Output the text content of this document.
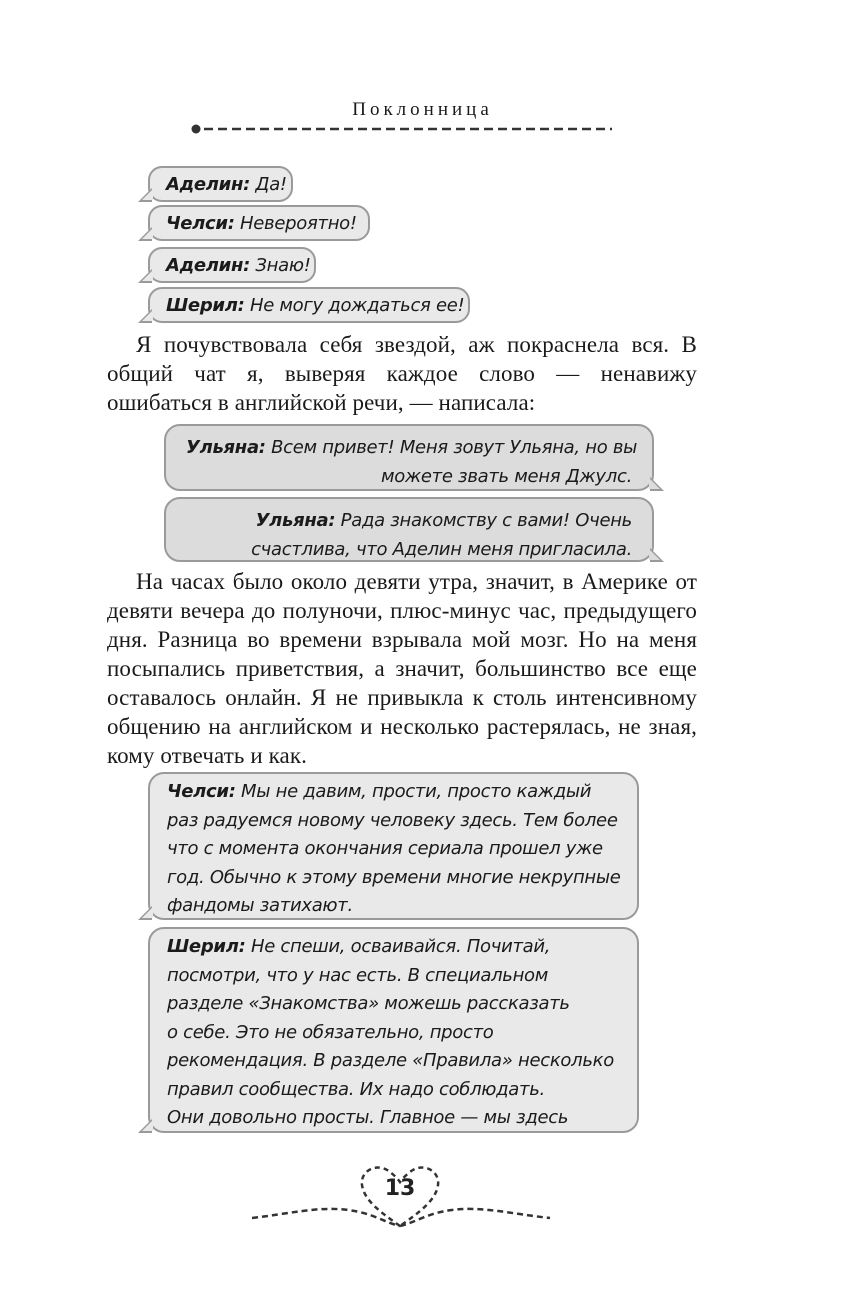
Поклонница
Аделин: Да!
Челси: Невероятно!
Аделин: Знаю!
Шерил: Не могу дождаться ее!
Я почувствовала себя звездой, аж покраснела вся. В общий чат я, выверяя каждое слово — ненавижу ошибаться в английской речи, — написала:
Ульяна: Всем привет! Меня зовут Ульяна, но вы
можете звать меня Джулс.
Ульяна: Рада знакомству с вами! Очень
счастлива, что Аделин меня пригласила.
На часах было около девяти утра, значит, в Америке от девяти вечера до полуночи, плюс-минус час, предыдущего дня. Разница во времени взрывала мой мозг. Но на меня посыпались приветствия, а значит, большинство все еще оставалось онлайн. Я не привыкла к столь интенсивному общению на английском и несколько растерялась, не зная, кому отвечать и как.
Челси: Мы не давим, прости, просто каждый
раз радуемся новому человеку здесь. Тем более
что с момента окончания сериала прошел уже
год. Обычно к этому времени многие некрупные
фандомы затихают.
Шерил: Не спеши, осваивайся. Почитай,
посмотри, что у нас есть. В специальном
разделе «Знакомства» можешь рассказать
о себе. Это не обязательно, просто
рекомендация. В разделе «Правила» несколько
правил сообщества. Их надо соблюдать.
Они довольно просты. Главное — мы здесь
13
